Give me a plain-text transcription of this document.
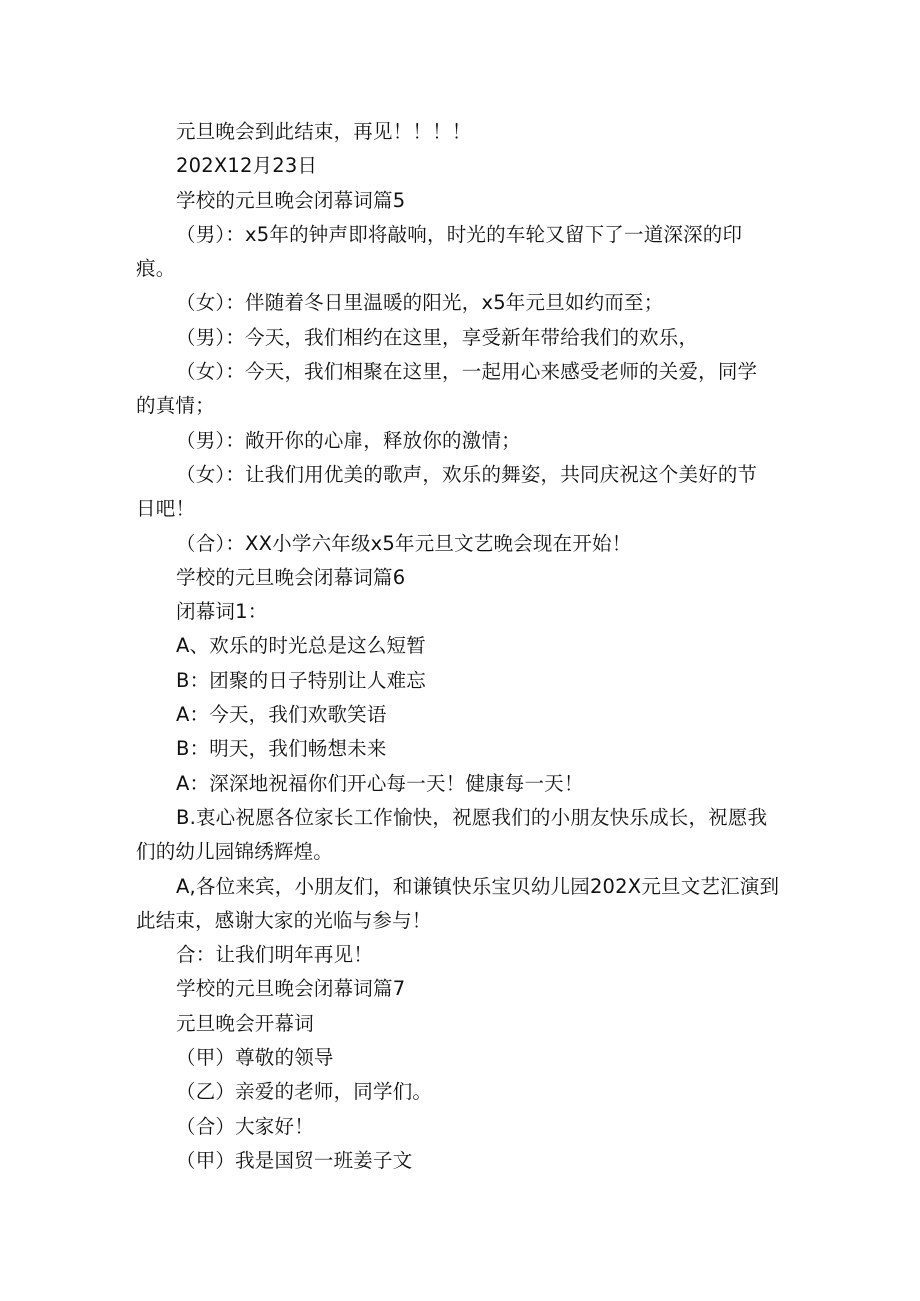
元旦晚会到此结束，再见！！！！
202X12月23日
学校的元旦晚会闭幕词篇5
（男）：x5年的钟声即将敲响，时光的车轮又留下了一道深深的印
痕。
（女）：伴随着冬日里温暖的阳光，x5年元旦如约而至；
（男）：今天，我们相约在这里，享受新年带给我们的欢乐，
（女）：今天，我们相聚在这里，一起用心来感受老师的关爱，同学
的真情；
（男）：敞开你的心扉，释放你的激情；
（女）：让我们用优美的歌声，欢乐的舞姿，共同庆祝这个美好的节
日吧！
（合）：XX小学六年级x5年元旦文艺晚会现在开始！
学校的元旦晚会闭幕词篇6
闭幕词1：
A、欢乐的时光总是这么短暂
B：团聚的日子特别让人难忘
A：今天，我们欢歌笑语
B：明天，我们畅想未来
A：深深地祝福你们开心每一天！健康每一天！
B.衷心祝愿各位家长工作愉快，祝愿我们的小朋友快乐成长，祝愿我
们的幼儿园锦绣辉煌。
A,各位来宾，小朋友们，和谦镇快乐宝贝幼儿园202X元旦文艺汇演到
此结束，感谢大家的光临与参与！
合：让我们明年再见！
学校的元旦晚会闭幕词篇7
元旦晚会开幕词
（甲）尊敬的领导
（乙）亲爱的老师，同学们。
（合）大家好！
（甲）我是国贸一班姜子文
